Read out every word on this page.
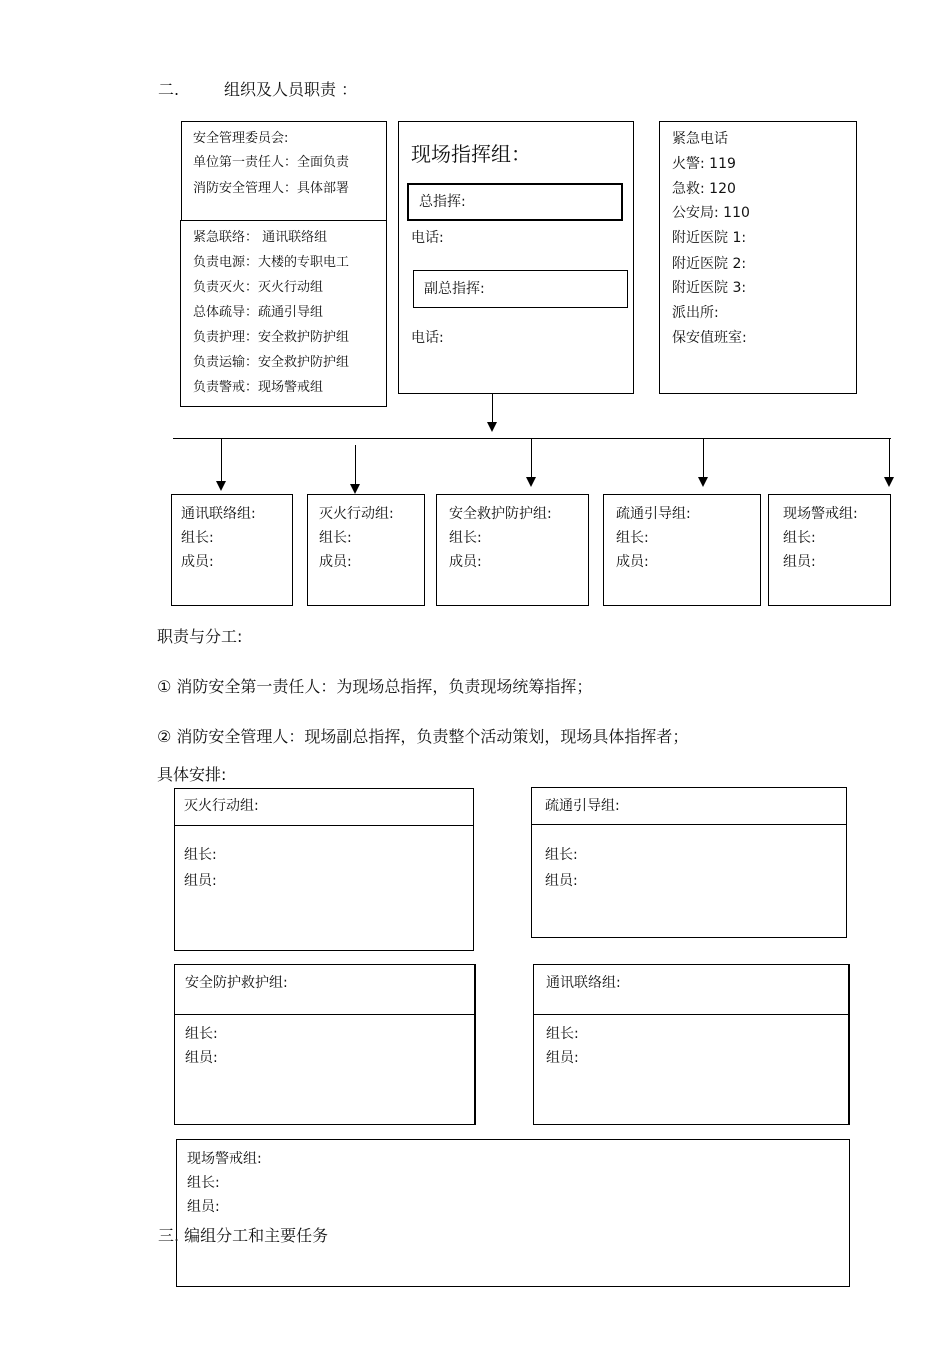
二.	组织及人员职责 ：
安全管理委员会:
单位第一责任人：全面负责
消防安全管理人：具体部署
紧急联络： 通讯联络组
负责电源：大楼的专职电工
负责灭火：灭火行动组
总体疏导：疏通引导组
负责护理：安全救护防护组
负责运输：安全救护防护组
负责警戒：现场警戒组
现场指挥组：
总指挥:
电话:
副总指挥:
电话:
紧急电话
火警: 119
急救: 120
公安局: 110
附近医院 1:
附近医院 2:
附近医院 3:
派出所:
保安值班室:
通讯联络组:
组长:
成员:
灭火行动组:
组长:
成员:
安全救护防护组:
组长:
成员:
疏通引导组:
组长:
成员:
现场警戒组:
组长:
组员:
职责与分工:
① 消防安全第一责任人：为现场总指挥，负责现场统筹指挥；
② 消防安全管理人：现场副总指挥，负责整个活动策划，现场具体指挥者；
具体安排:
灭火行动组:
组长:
组员:
疏通引导组:
组长:
组员:
安全防护救护组:
组长:
组员:
通讯联络组:
组长:
组员:
现场警戒组:
组长:
组员:
三. 编组分工和主要任务
